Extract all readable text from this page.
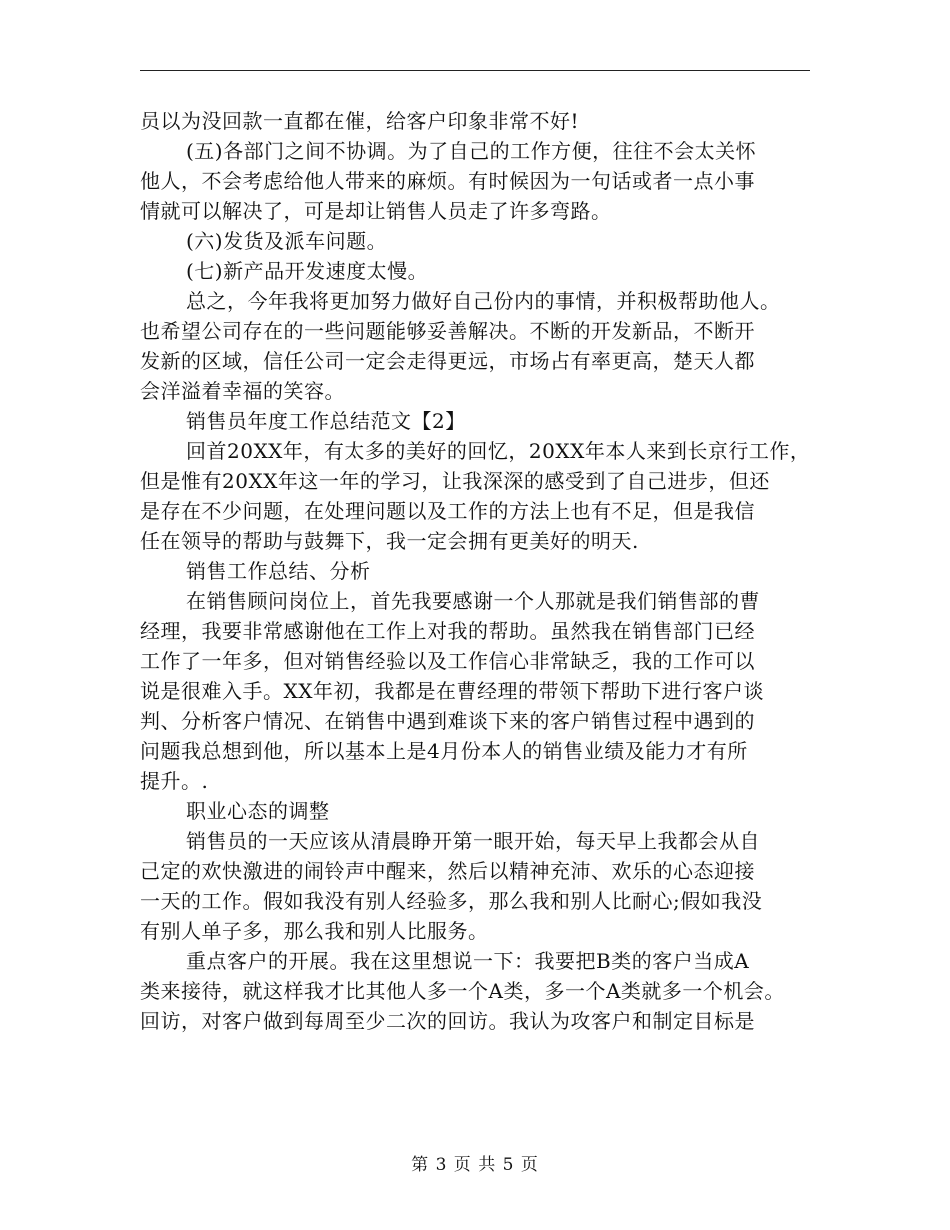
员以为没回款一直都在催，给客户印象非常不好!
(五)各部门之间不协调。为了自己的工作方便，往往不会太关怀
他人，不会考虑给他人带来的麻烦。有时候因为一句话或者一点小事
情就可以解决了，可是却让销售人员走了许多弯路。
(六)发货及派车问题。
(七)新产品开发速度太慢。
总之，今年我将更加努力做好自己份内的事情，并积极帮助他人。
也希望公司存在的一些问题能够妥善解决。不断的开发新品，不断开
发新的区域，信任公司一定会走得更远，市场占有率更高，楚天人都
会洋溢着幸福的笑容。
销售员年度工作总结范文【2】
回首20XX年，有太多的美好的回忆，20XX年本人来到长京行工作，
但是惟有20XX年这一年的学习，让我深深的感受到了自己进步，但还
是存在不少问题，在处理问题以及工作的方法上也有不足，但是我信
任在领导的帮助与鼓舞下，我一定会拥有更美好的明天.
销售工作总结、分析
在销售顾问岗位上，首先我要感谢一个人那就是我们销售部的曹
经理，我要非常感谢他在工作上对我的帮助。虽然我在销售部门已经
工作了一年多，但对销售经验以及工作信心非常缺乏，我的工作可以
说是很难入手。XX年初，我都是在曹经理的带领下帮助下进行客户谈
判、分析客户情况、在销售中遇到难谈下来的客户销售过程中遇到的
问题我总想到他，所以基本上是4月份本人的销售业绩及能力才有所
提升。.
职业心态的调整
销售员的一天应该从清晨睁开第一眼开始，每天早上我都会从自
己定的欢快激进的闹铃声中醒来，然后以精神充沛、欢乐的心态迎接
一天的工作。假如我没有别人经验多，那么我和别人比耐心;假如我没
有别人单子多，那么我和别人比服务。
重点客户的开展。我在这里想说一下：我要把B类的客户当成A
类来接待，就这样我才比其他人多一个A类，多一个A类就多一个机会。
回访，对客户做到每周至少二次的回访。我认为攻客户和制定目标是
第 3 页 共 5 页
